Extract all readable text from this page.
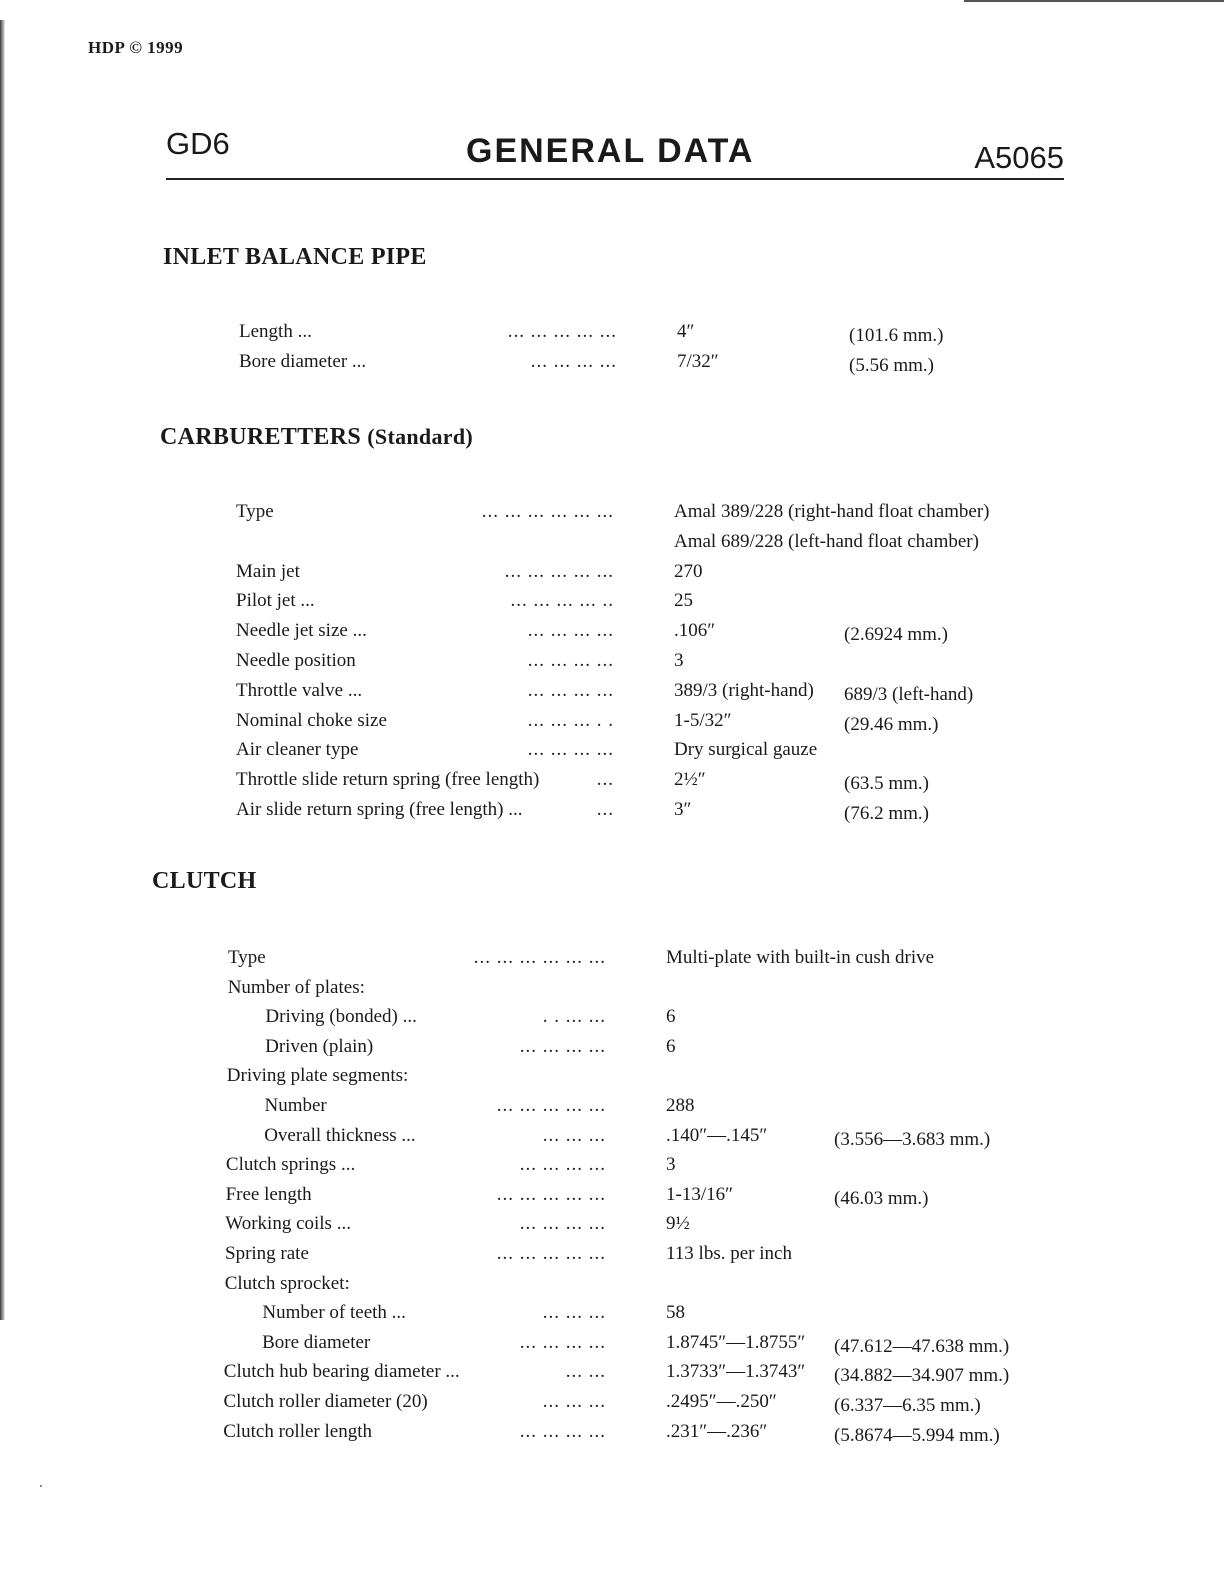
HDP © 1999
GD6	GENERAL DATA	A5065
INLET BALANCE PIPE
Length ...	... ... ... ... ...	4″	(101.6 mm.)
Bore diameter ...	... ... ... ...	7/32″	(5.56 mm.)
CARBURETTERS (Standard)
Type	... ... ... ... ... ...	Amal 389/228 (right-hand float chamber)
Amal 689/228 (left-hand float chamber)
Main jet	... ... ... ... ...	270
Pilot jet ...	... ... ... ... ..	25
Needle jet size ...	... ... ... ...	.106″	(2.6924 mm.)
Needle position	... ... ... ...	3
Throttle valve ...	... ... ... ...	389/3 (right-hand) 689/3 (left-hand)
Nominal choke size	... ... ... . .	1-5/32″	(29.46 mm.)
Air cleaner type	... ... ... ...	Dry surgical gauze
Throttle slide return spring (free length)	...	2½″	(63.5 mm.)
Air slide return spring (free length) ...	...	3″	(76.2 mm.)
CLUTCH
Type	... ... ... ... ... ...	Multi-plate with built-in cush drive
Number of plates:
Driving (bonded) ...	. . ... ...	6
Driven (plain)	... ... ... ...	6
Driving plate segments:
Number	... ... ... ... ...	288
Overall thickness ...	... ... ...	.140″—.145″	(3.556—3.683 mm.)
Clutch springs ...	... ... ... ...	3
Free length	... ... ... ... ...	1-13/16″	(46.03 mm.)
Working coils ...	... ... ... ...	9½
Spring rate	... ... ... ... ...	113 lbs. per inch
Clutch sprocket:
Number of teeth ...	... ... ...	58
Bore diameter	... ... ... ...	1.8745″—1.8755″ (47.612—47.638 mm.)
Clutch hub bearing diameter ...	... ...	1.3733″—1.3743″ (34.882—34.907 mm.)
Clutch roller diameter (20)	... ... ...	.2495″—.250″	(6.337—6.35 mm.)
Clutch roller length	... ... ... ...	.231″—.236″	(5.8674—5.994 mm.)
